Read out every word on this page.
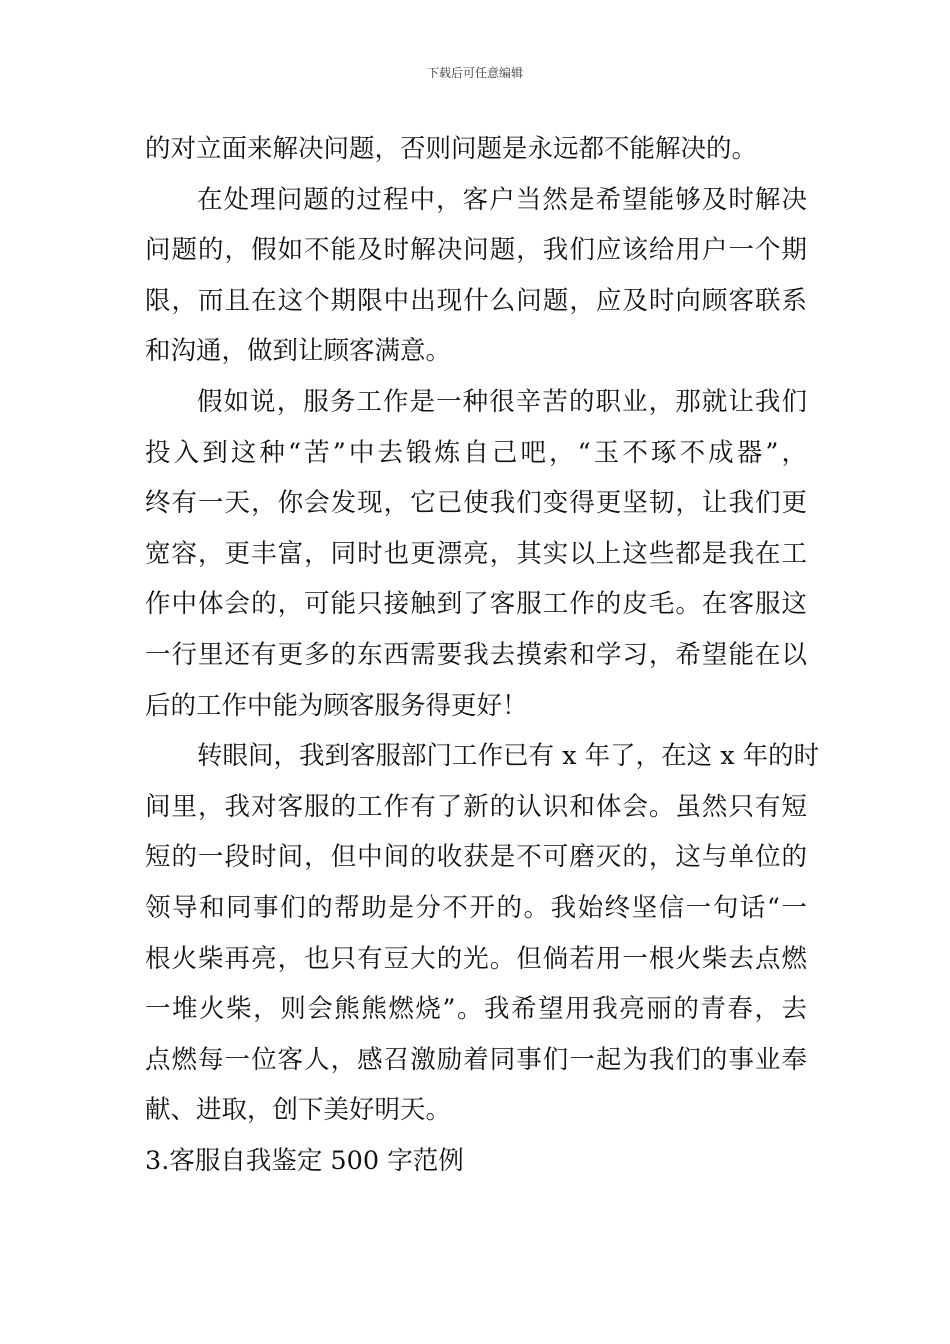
下载后可任意编辑

的对立面来解决问题，否则问题是永远都不能解决的。

在处理问题的过程中，客户当然是希望能够及时解决
问题的，假如不能及时解决问题，我们应该给用户一个期
限，而且在这个期限中出现什么问题，应及时向顾客联系
和沟通，做到让顾客满意。

假如说，服务工作是一种很辛苦的职业，那就让我们
投入到这种“苦”中去锻炼自己吧，“玉不琢不成器”，
终有一天，你会发现，它已使我们变得更坚韧，让我们更
宽容，更丰富，同时也更漂亮，其实以上这些都是我在工
作中体会的，可能只接触到了客服工作的皮毛。在客服这
一行里还有更多的东西需要我去摸索和学习，希望能在以
后的工作中能为顾客服务得更好！

转眼间，我到客服部门工作已有 x 年了，在这 x 年的时
间里，我对客服的工作有了新的认识和体会。虽然只有短
短的一段时间，但中间的收获是不可磨灭的，这与单位的
领导和同事们的帮助是分不开的。我始终坚信一句话“一
根火柴再亮，也只有豆大的光。但倘若用一根火柴去点燃
一堆火柴，则会熊熊燃烧”。我希望用我亮丽的青春，去
点燃每一位客人，感召激励着同事们一起为我们的事业奉
献、进取，创下美好明天。

3.客服自我鉴定 500 字范例
